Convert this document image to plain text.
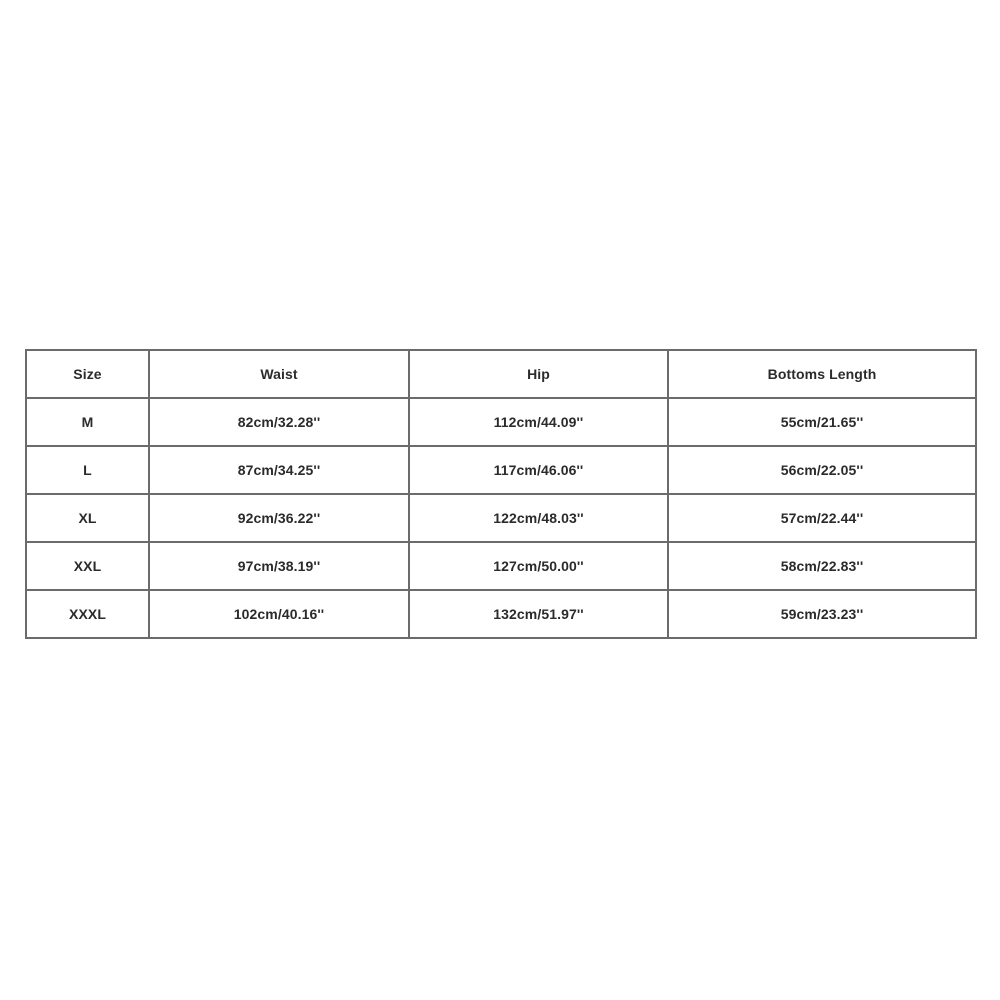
Size	Waist	Hip	Bottoms Length
M	82cm/32.28''	112cm/44.09''	55cm/21.65''
L	87cm/34.25''	117cm/46.06''	56cm/22.05''
XL	92cm/36.22''	122cm/48.03''	57cm/22.44''
XXL	97cm/38.19''	127cm/50.00''	58cm/22.83''
XXXL	102cm/40.16''	132cm/51.97''	59cm/23.23''
